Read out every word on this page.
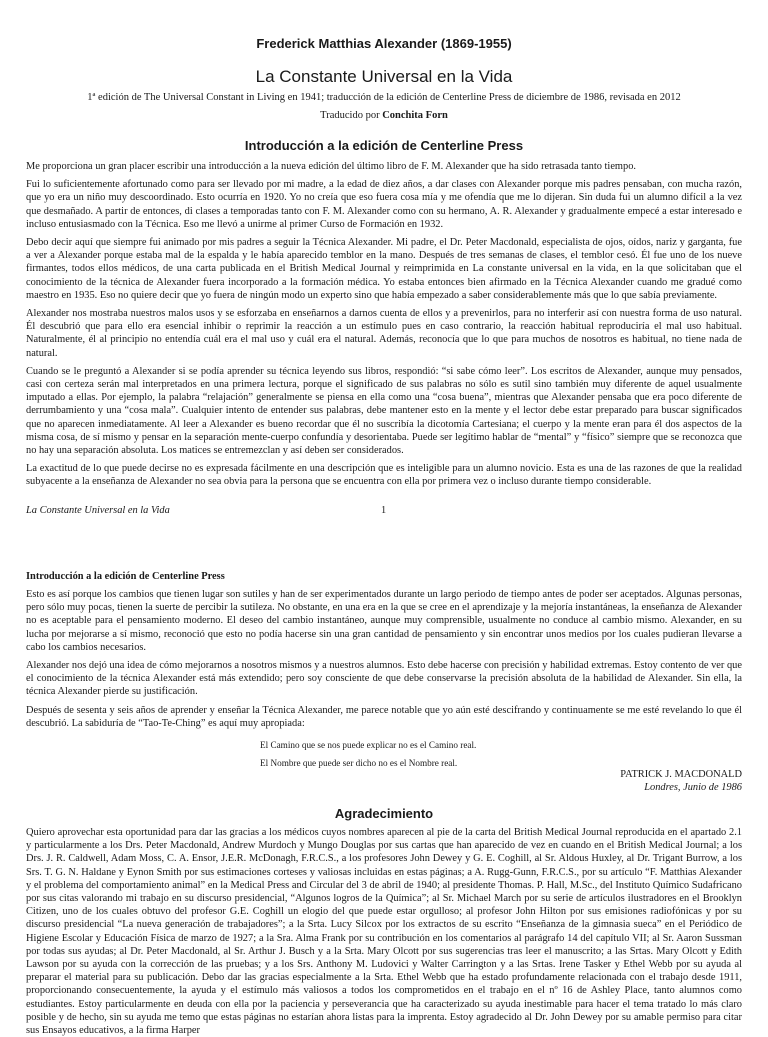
Frederick Matthias Alexander (1869-1955)
La Constante Universal en la Vida
1ª edición de The Universal Constant in Living en 1941; traducción de la edición de Centerline Press de diciembre de 1986, revisada en 2012
Traducido por Conchita Forn
Introducción a la edición de Centerline Press

Me proporciona un gran placer escribir una introducción a la nueva edición del último libro de F. M. Alexander que ha sido retrasada tanto tiempo.

Fui lo suficientemente afortunado como para ser llevado por mi madre, a la edad de diez años, a dar clases con Alexander porque mis padres pensaban, con mucha razón, que yo era un niño muy descoordinado. Esto ocurría en 1920. Yo no creía que eso fuera cosa mía y me ofendía que me lo dijeran. Sin duda fui un alumno difícil a la vez que desmañado. A partir de entonces, di clases a temporadas tanto con F. M. Alexander como con su hermano, A. R. Alexander y gradualmente empecé a estar interesado e incluso entusiasmado con la Técnica. Eso me llevó a unirme al primer Curso de Formación en 1932.

Debo decir aquí que siempre fui animado por mis padres a seguir la Técnica Alexander. Mi padre, el Dr. Peter Macdonald, especialista de ojos, oídos, nariz y garganta, fue a ver a Alexander porque estaba mal de la espalda y le había aparecido temblor en la mano. Después de tres semanas de clases, el temblor cesó. Él fue uno de los nueve firmantes, todos ellos médicos, de una carta publicada en el British Medical Journal y reimprimida en La constante universal en la vida, en la que solicitaban que el conocimiento de la técnica de Alexander fuera incorporado a la formación médica. Yo estaba entonces bien afirmado en la Técnica Alexander cuando me gradué como maestro en 1935. Eso no quiere decir que yo fuera de ningún modo un experto sino que había empezado a saber considerablemente más que lo que sabía previamente.

Alexander nos mostraba nuestros malos usos y se esforzaba en enseñarnos a darnos cuenta de ellos y a prevenirlos, para no interferir así con nuestra forma de uso natural. Él descubrió que para ello era esencial inhibir o reprimir la reacción a un estímulo pues en caso contrario, la reacción habitual reproduciría el mal uso habitual. Naturalmente, él al principio no entendía cuál era el mal uso y cuál era el natural. Además, reconocía que lo que para muchos de nosotros es habitual, no tiene nada de natural.

Cuando se le preguntó a Alexander si se podía aprender su técnica leyendo sus libros, respondió: “si sabe cómo leer”. Los escritos de Alexander, aunque muy pensados, casi con certeza serán mal interpretados en una primera lectura, porque el significado de sus palabras no sólo es sutil sino también muy diferente de aquel usualmente imputado a ellas. Por ejemplo, la palabra “relajación” generalmente se piensa en ella como una “cosa buena”, mientras que Alexander pensaba que era poco diferente de derrumbamiento y una “cosa mala”. Cualquier intento de entender sus palabras, debe mantener esto en la mente y el lector debe estar preparado para buscar significados que no aparecen inmediatamente. Al leer a Alexander es bueno recordar que él no suscribía la dicotomía Cartesiana; el cuerpo y la mente eran para él dos aspectos de la misma cosa, de sí mismo y pensar en la separación mente-cuerpo confundía y desorientaba. Puede ser legítimo hablar de “mental” y “físico” siempre que se reconozca que no hay una separación absoluta. Los matices se entremezclan y así deben ser considerados.

La exactitud de lo que puede decirse no es expresada fácilmente en una descripción que es inteligible para un alumno novicio. Esta es una de las razones de que la realidad subyacente a la enseñanza de Alexander no sea obvia para la persona que se encuentra con ella por primera vez o incluso durante tiempo considerable.

La Constante Universal en la Vida	1
Introducción a la edición de Centerline Press

Esto es así porque los cambios que tienen lugar son sutiles y han de ser experimentados durante un largo periodo de tiempo antes de poder ser aceptados. Algunas personas, pero sólo muy pocas, tienen la suerte de percibir la sutileza. No obstante, en una era en la que se cree en el aprendizaje y la mejoría instantáneas, la enseñanza de Alexander no es aceptable para el pensamiento moderno. El deseo del cambio instantáneo, aunque muy comprensible, usualmente no conduce al cambio mismo. Alexander, en su lucha por mejorarse a sí mismo, reconoció que esto no podía hacerse sin una gran cantidad de pensamiento y sin encontrar unos medios por los cuales pudieran llevarse a cabo los cambios necesarios.

Alexander nos dejó una idea de cómo mejorarnos a nosotros mismos y a nuestros alumnos. Esto debe hacerse con precisión y habilidad extremas. Estoy contento de ver que el conocimiento de la técnica Alexander está más extendido; pero soy consciente de que debe conservarse la precisión absoluta de la habilidad de Alexander. Sin ella, la técnica Alexander pierde su justificación.

Después de sesenta y seis años de aprender y enseñar la Técnica Alexander, me parece notable que yo aún esté descifrando y continuamente se me esté revelando lo que él descubrió. La sabiduría de “Tao-Te-Ching” es aquí muy apropiada:

El Camino que se nos puede explicar no es el Camino real.
El Nombre que puede ser dicho no es el Nombre real.
PATRICK J. MACDONALD
Londres, Junio de 1986
Agradecimiento

Quiero aprovechar esta oportunidad para dar las gracias a los médicos cuyos nombres aparecen al pie de la carta del British Medical Journal reproducida en el apartado 2.1 y particularmente a los Drs. Peter Macdonald, Andrew Murdoch y Mungo Douglas por sus cartas que han aparecido de vez en cuando en el British Medical Journal; a los Drs. J. R. Caldwell, Adam Moss, C. A. Ensor, J.E.R. McDonagh, F.R.C.S., a los profesores John Dewey y G. E. Coghill, al Sr. Aldous Huxley, al Dr. Trigant Burrow, a los Srs. T. G. N. Haldane y Eynon Smith por sus estimaciones corteses y valiosas incluidas en estas páginas; a A. Rugg-Gunn, F.R.C.S., por su artículo “F. Matthias Alexander y el problema del comportamiento animal” en la Medical Press and Circular del 3 de abril de 1940; al presidente Thomas. P. Hall, M.Sc., del Instituto Químico Sudafricano por sus citas valorando mi trabajo en su discurso presidencial, “Algunos logros de la Química”; al Sr. Michael March por su serie de artículos ilustradores en el Brooklyn Citizen, uno de los cuales obtuvo del profesor G.E. Coghill un elogio del que puede estar orgulloso; al profesor John Hilton por sus emisiones radiofónicas y por su discurso presidencial “La nueva generación de trabajadores”; a la Srta. Lucy Silcox por los extractos de su escrito “Enseñanza de la gimnasia sueca” en el Periódico de Higiene Escolar y Educación Física de marzo de 1927; a la Sra. Alma Frank por su contribución en los comentarios al parágrafo 14 del capítulo VII; al Sr. Aaron Sussman por todas sus ayudas; al Dr. Peter Macdonald, al Sr. Arthur J. Busch y a la Srta. Mary Olcott por sus sugerencias tras leer el manuscrito; a las Srtas. Mary Olcott y Edith Lawson por su ayuda con la corrección de las pruebas; y a los Srs. Anthony M. Ludovici y Walter Carrington y a las Srtas. Irene Tasker y Ethel Webb por su ayuda al preparar el material para su publicación. Debo dar las gracias especialmente a la Srta. Ethel Webb que ha estado profundamente relacionada con el trabajo desde 1911, proporcionando consecuentemente, la ayuda y el estímulo más valiosos a todos los comprometidos en el trabajo en el nº 16 de Ashley Place, tanto alumnos como estudiantes. Estoy particularmente en deuda con ella por la paciencia y perseverancia que ha caracterizado su ayuda inestimable para hacer el tema tratado lo más claro posible y de hecho, sin su ayuda me temo que estas páginas no estarían ahora listas para la imprenta. Estoy agradecido al Dr. John Dewey por su amable permiso para citar sus Ensayos educativos, a la firma Harper
